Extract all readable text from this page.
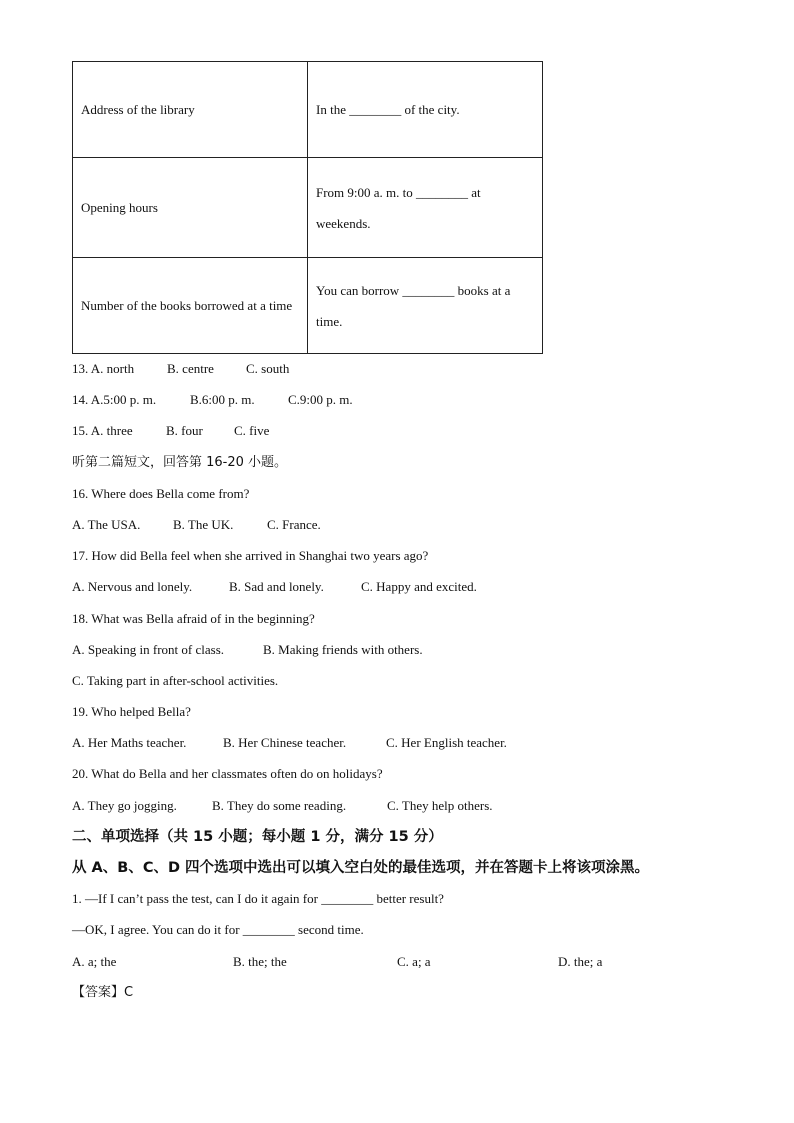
Address of the library	In the ________ of the city.
Opening hours	From 9:00 a. m. to ________ at weekends.
Number of the books borrowed at a time	You can borrow ________ books at a time.
13. A. north	B. centre C. south
14. A.5:00 p. m.	B.6:00 p. m.	C.9:00 p. m.
15. A. three	B. four C. five
听第二篇短文，回答第 16-20 小题。
16. Where does Bella come from?
A. The USA.	B. The UK.	C. France.
17. How did Bella feel when she arrived in Shanghai two years ago?
A. Nervous and lonely.	B. Sad and lonely.	C. Happy and excited.
18. What was Bella afraid of in the beginning?
A. Speaking in front of class.	B. Making friends with others.
C. Taking part in after-school activities.
19. Who helped Bella?
A. Her Maths teacher.	B. Her Chinese teacher.	C. Her English teacher.
20. What do Bella and her classmates often do on holidays?
A. They go jogging.	B. They do some reading.	C. They help others.
二、单项选择（共 15 小题；每小题 1 分，满分 15 分）
从 A、B、C、D 四个选项中选出可以填入空白处的最佳选项，并在答题卡上将该项涂黑。
1. —If I can’t pass the test, can I do it again for ________ better result?
—OK, I agree. You can do it for ________ second time.
A. a; the	B. the; the	C. a; a	D. the; a
【答案】C
